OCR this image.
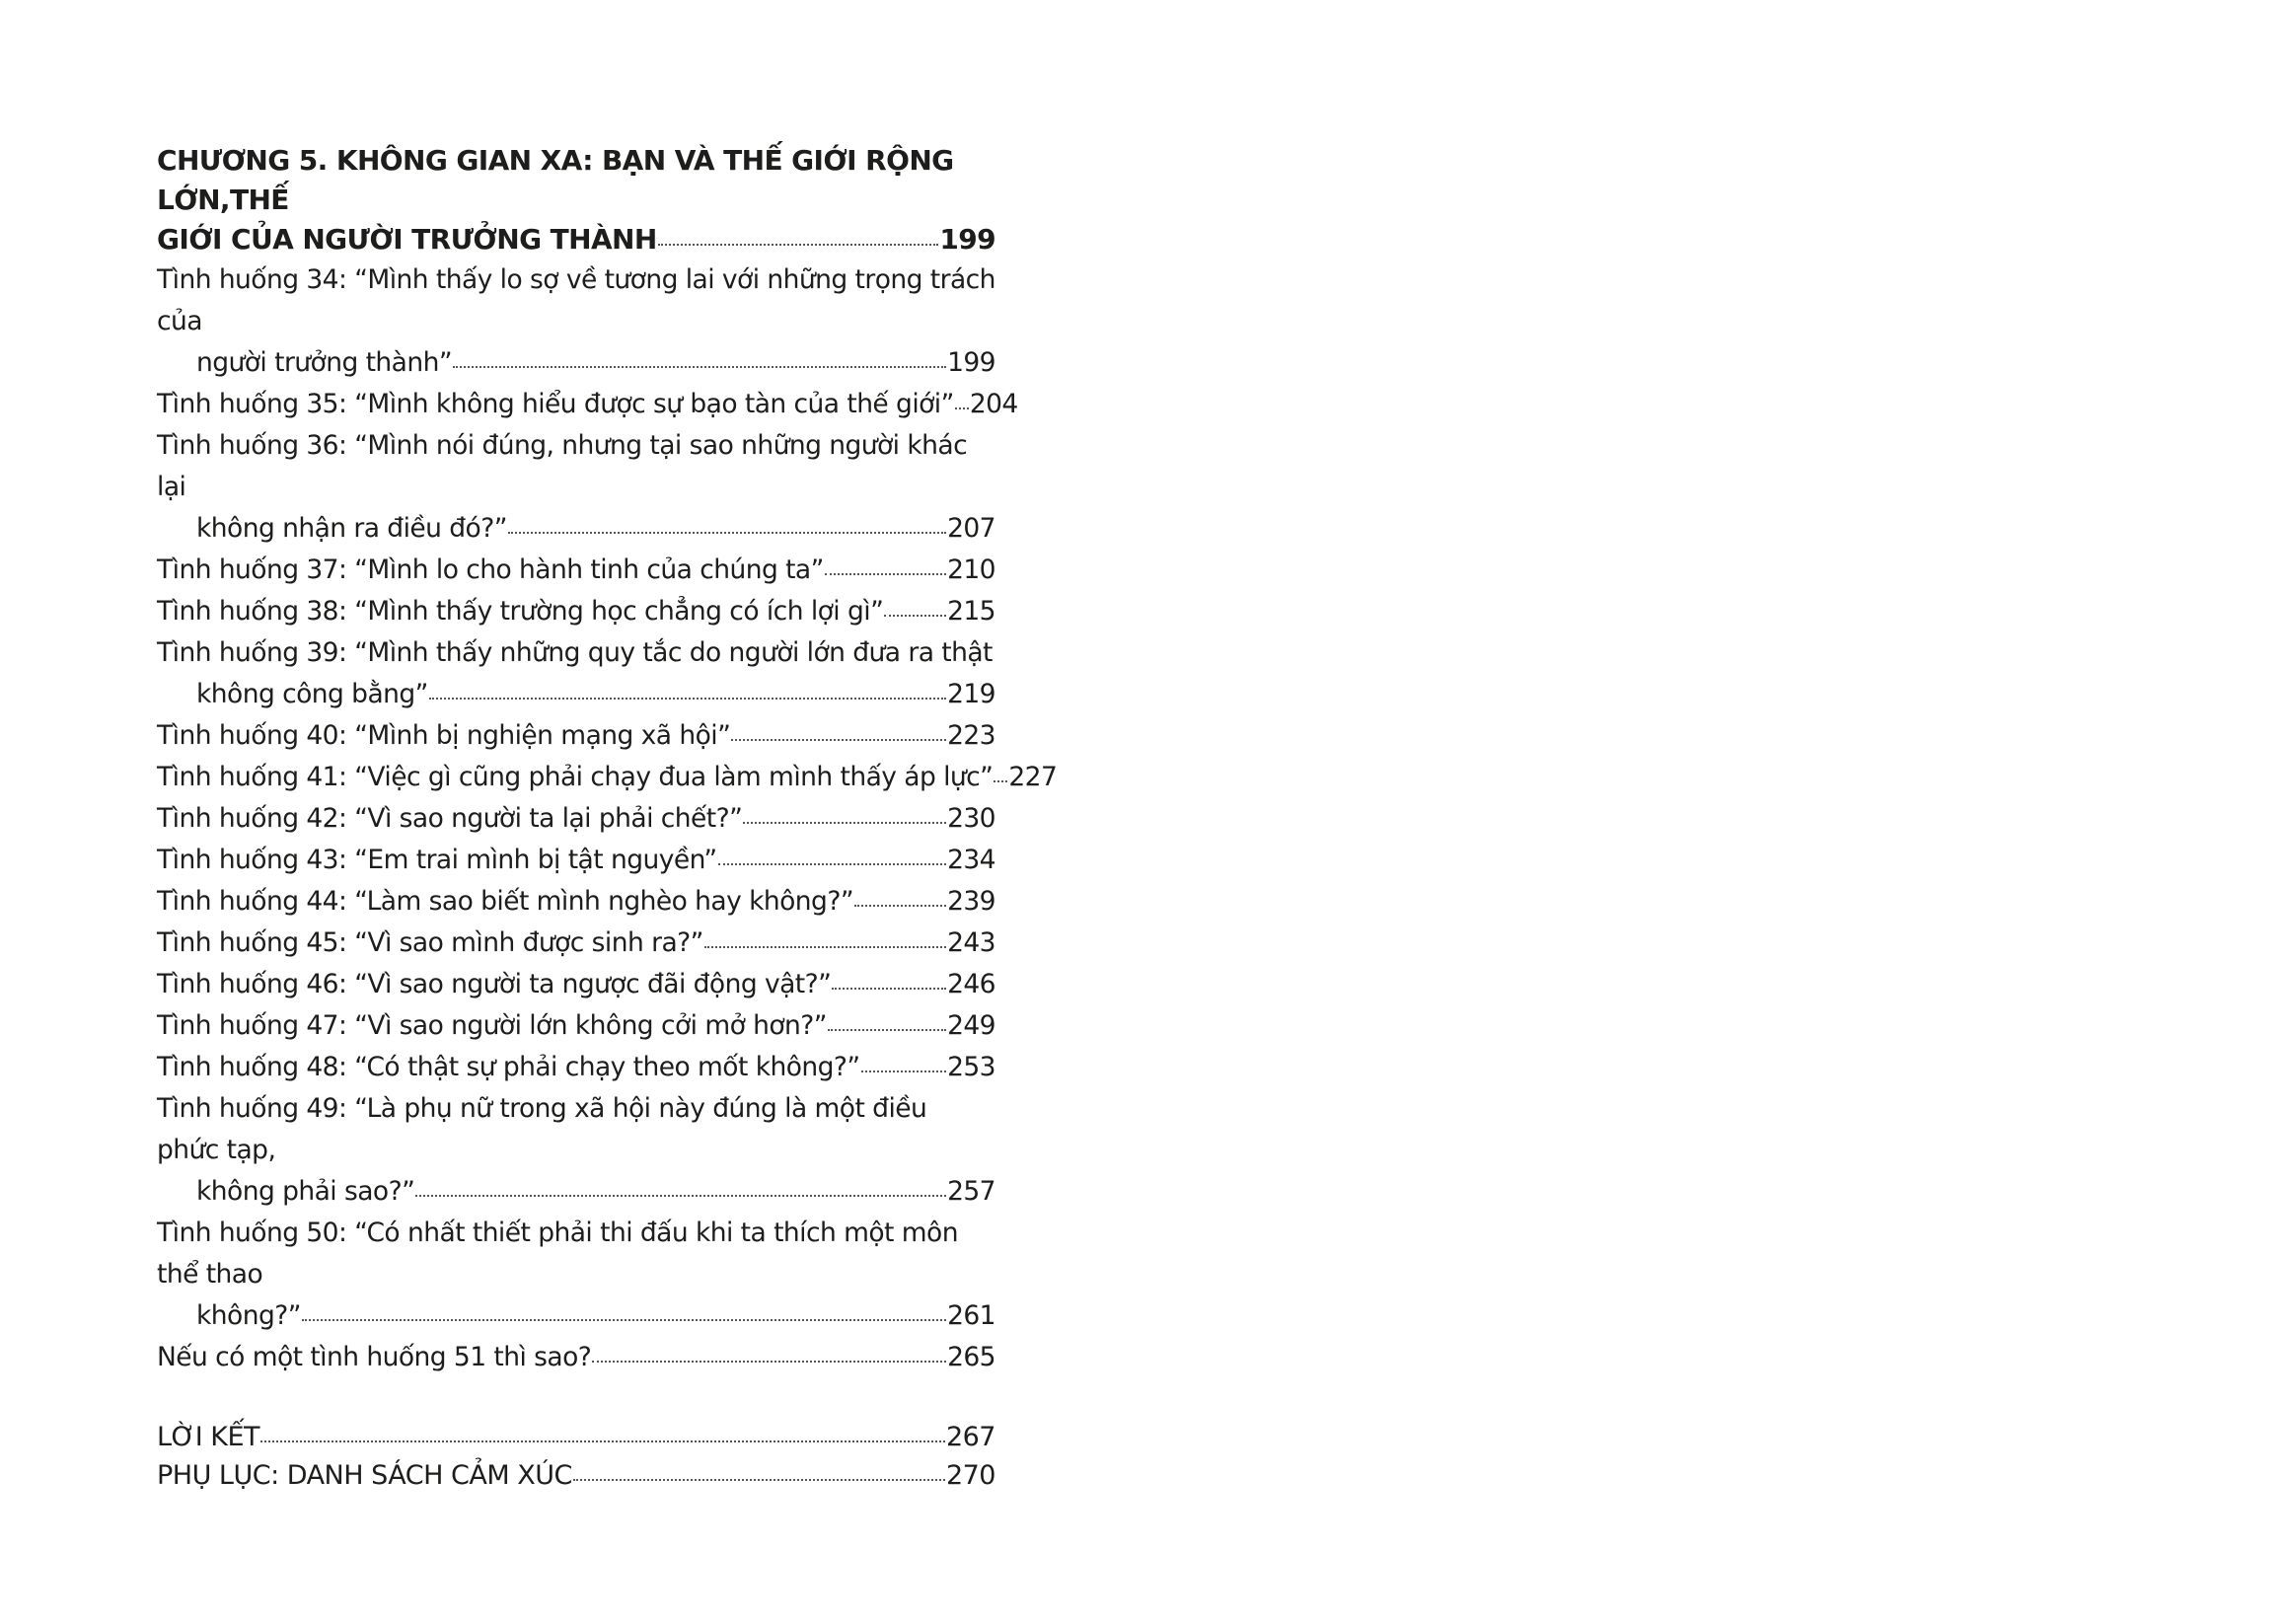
CHƯƠNG 5. KHÔNG GIAN XA: BẠN VÀ THẾ GIỚI RỘNG LỚN,THẾ
GIỚI CỦA NGƯỜI TRƯỞNG THÀNH	199
Tình huống 34: “Mình thấy lo sợ về tương lai với những trọng trách của
người trưởng thành”	199
Tình huống 35: “Mình không hiểu được sự bạo tàn của thế giới” 204
Tình huống 36: “Mình nói đúng, nhưng tại sao những người khác lại
không nhận ra điều đó?”	207
Tình huống 37: “Mình lo cho hành tinh của chúng ta”	210
Tình huống 38: “Mình thấy trường học chẳng có ích lợi gì” 215
Tình huống 39: “Mình thấy những quy tắc do người lớn đưa ra thật
không công bằng”	219
Tình huống 40: “Mình bị nghiện mạng xã hội”	223
Tình huống 41: “Việc gì cũng phải chạy đua làm mình thấy áp lực” 227
Tình huống 42: “Vì sao người ta lại phải chết?”	230
Tình huống 43: “Em trai mình bị tật nguyền”	234
Tình huống 44: “Làm sao biết mình nghèo hay không?”	239
Tình huống 45: “Vì sao mình được sinh ra?”	243
Tình huống 46: “Vì sao người ta ngược đãi động vật?”	246
Tình huống 47: “Vì sao người lớn không cởi mở hơn?”	249
Tình huống 48: “Có thật sự phải chạy theo mốt không?”	253
Tình huống 49: “Là phụ nữ trong xã hội này đúng là một điều phức tạp,
không phải sao?”	257
Tình huống 50: “Có nhất thiết phải thi đấu khi ta thích một môn thể thao
không?”	261
Nếu có một tình huống 51 thì sao?	265
LỜI KẾT	267
PHỤ LỤC: DANH SÁCH CẢM XÚC	270
